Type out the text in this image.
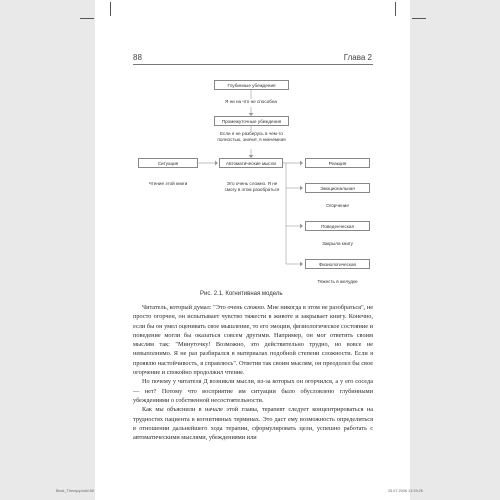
88	Глава 2
Глубинные убеждения
Я ни на что не способна
Промежуточные убеждения
Если я не разберусь в чем-то полностью, значит, я никчемная
Ситуация	Автоматические мысли	Реакция
Чтение этой книги	Это очень сложно. Я не смогу в этом разобраться	Эмоциональная
Огорчение
Поведенческая
Закрыла книгу
Физиологическая
Тяжесть в желудке
Рис. 2.1. Когнитивная модель

Читатель, который думал: "Это очень сложно. Мне никогда в этом не разобраться", не просто огорчен, он испытывает чувство тяжести в животе и закрывает книгу. Конечно, если бы он умел оценивать свое мышление, то его эмоции, физиологическое состояние и поведение могли бы оказаться совсем другими. Например, он мог ответить своим мыслям так: "Минуточку! Возможно, это действительно трудно, но вовсе не невыполнимо. Я не раз разбирался в материалах подобной степени сложности. Если я проявлю настойчивость, я справлюсь". Ответив так своим мыслям, он преодолел бы свое огорчение и спокойно продолжил чтение.

Но почему у читателя Д возникли мысли, из-за которых он огорчился, а у его соседа — нет? Потому что восприятие им ситуации было обусловлено глубинными убеждениями о собственной несостоятельности.

Как мы объяснили в начале этой главы, терапевт следует концентрироваться на трудностях пациента в когнитивных терминах. Это даст ему возможность определиться в отношении дальнейшего хода терапии, сформулировать цели, успешно работать с автоматическими мыслями, убеждениями или

Beck_Therapy.indd 88	25.07.2006 13:29:26
